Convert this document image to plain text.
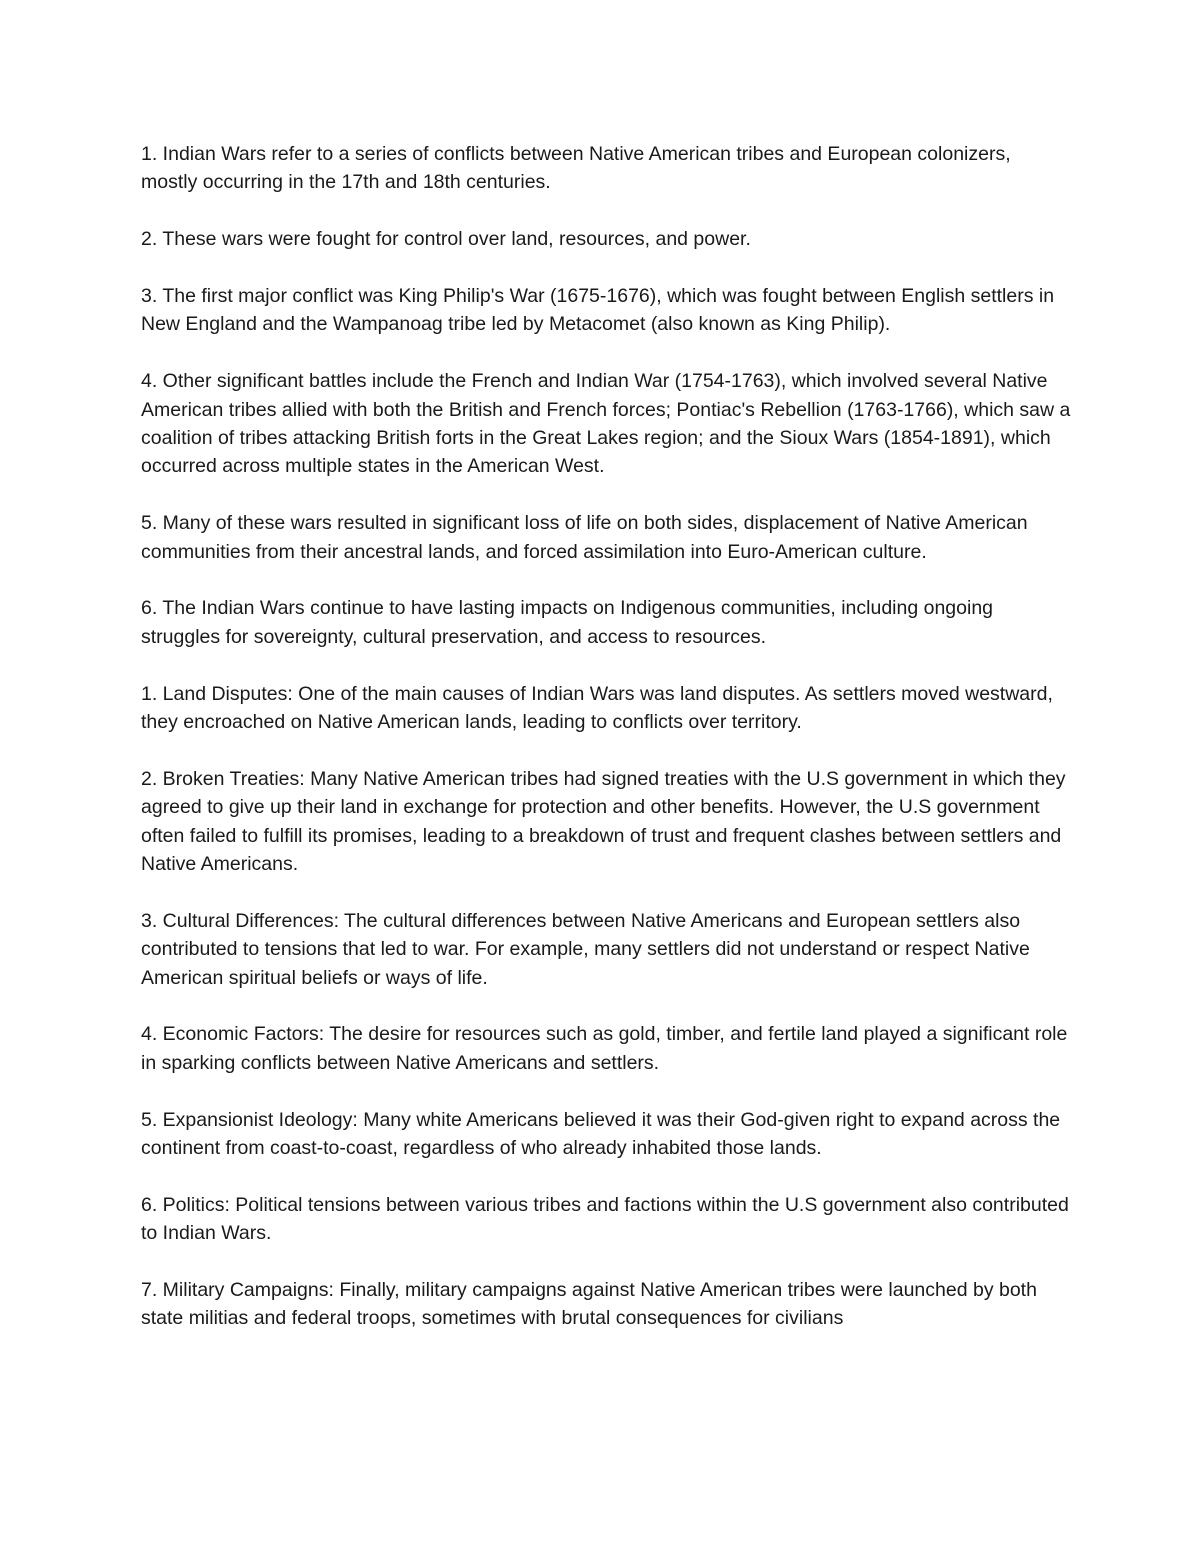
1. Indian Wars refer to a series of conflicts between Native American tribes and European colonizers, mostly occurring in the 17th and 18th centuries.

2. These wars were fought for control over land, resources, and power.

3. The first major conflict was King Philip's War (1675-1676), which was fought between English settlers in New England and the Wampanoag tribe led by Metacomet (also known as King Philip).

4. Other significant battles include the French and Indian War (1754-1763), which involved several Native American tribes allied with both the British and French forces; Pontiac's Rebellion (1763-1766), which saw a coalition of tribes attacking British forts in the Great Lakes region; and the Sioux Wars (1854-1891), which occurred across multiple states in the American West.

5. Many of these wars resulted in significant loss of life on both sides, displacement of Native American communities from their ancestral lands, and forced assimilation into Euro-American culture.

6. The Indian Wars continue to have lasting impacts on Indigenous communities, including ongoing struggles for sovereignty, cultural preservation, and access to resources.

1. Land Disputes: One of the main causes of Indian Wars was land disputes. As settlers moved westward, they encroached on Native American lands, leading to conflicts over territory.

2. Broken Treaties: Many Native American tribes had signed treaties with the U.S government in which they agreed to give up their land in exchange for protection and other benefits. However, the U.S government often failed to fulfill its promises, leading to a breakdown of trust and frequent clashes between settlers and Native Americans.

3. Cultural Differences: The cultural differences between Native Americans and European settlers also contributed to tensions that led to war. For example, many settlers did not understand or respect Native American spiritual beliefs or ways of life.

4. Economic Factors: The desire for resources such as gold, timber, and fertile land played a significant role in sparking conflicts between Native Americans and settlers.

5. Expansionist Ideology: Many white Americans believed it was their God-given right to expand across the continent from coast-to-coast, regardless of who already inhabited those lands.

6. Politics: Political tensions between various tribes and factions within the U.S government also contributed to Indian Wars.

7. Military Campaigns: Finally, military campaigns against Native American tribes were launched by both state militias and federal troops, sometimes with brutal consequences for civilians
